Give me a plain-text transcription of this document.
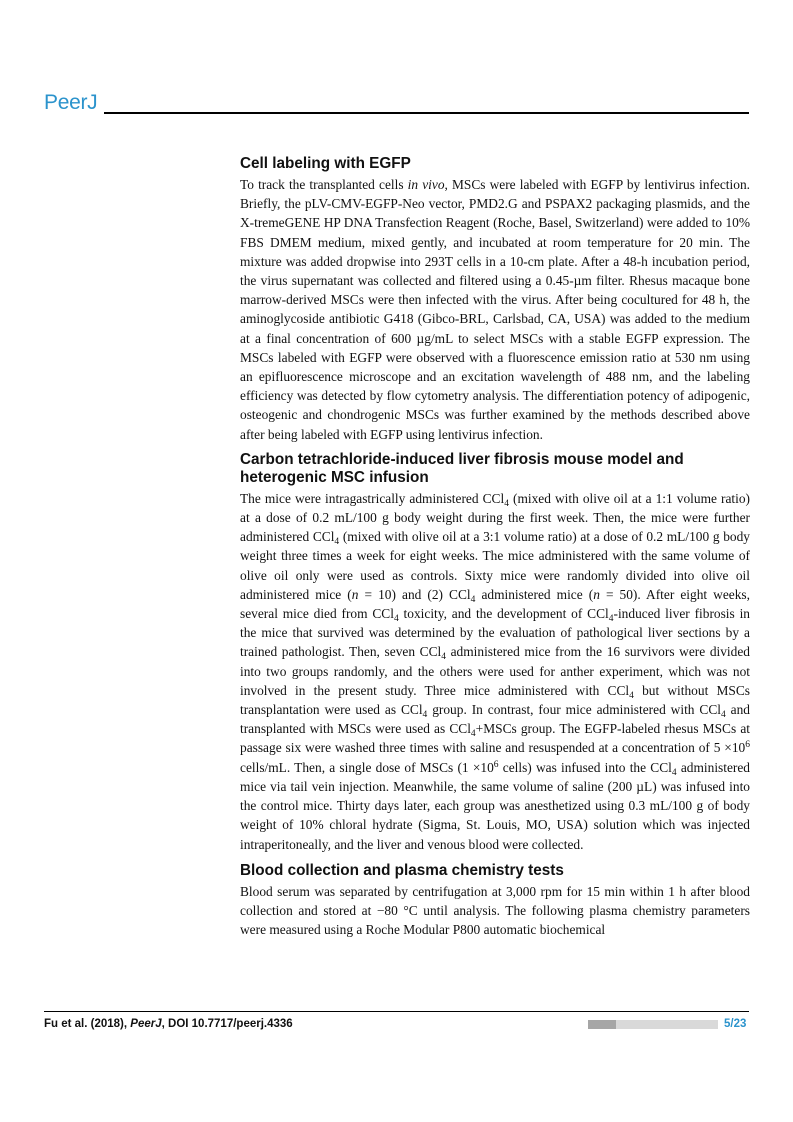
PeerJ
Cell labeling with EGFP

To track the transplanted cells in vivo, MSCs were labeled with EGFP by lentivirus infection. Briefly, the pLV-CMV-EGFP-Neo vector, PMD2.G and PSPAX2 packaging plasmids, and the X-tremeGENE HP DNA Transfection Reagent (Roche, Basel, Switzerland) were added to 10% FBS DMEM medium, mixed gently, and incubated at room temperature for 20 min. The mixture was added dropwise into 293T cells in a 10-cm plate. After a 48-h incubation period, the virus supernatant was collected and filtered using a 0.45-µm filter. Rhesus macaque bone marrow-derived MSCs were then infected with the virus. After being cocultured for 48 h, the aminoglycoside antibiotic G418 (Gibco-BRL, Carlsbad, CA, USA) was added to the medium at a final concentration of 600 µg/mL to select MSCs with a stable EGFP expression. The MSCs labeled with EGFP were observed with a fluorescence emission ratio at 530 nm using an epifluorescence microscope and an excitation wavelength of 488 nm, and the labeling efficiency was detected by flow cytometry analysis. The differentiation potency of adipogenic, osteogenic and chondrogenic MSCs was further examined by the methods described above after being labeled with EGFP using lentivirus infection.

Carbon tetrachloride-induced liver fibrosis mouse model and heterogenic MSC infusion

The mice were intragastrically administered CCl$_4$ (mixed with olive oil at a 1:1 volume ratio) at a dose of 0.2 mL/100 g body weight during the first week. Then, the mice were further administered CCl$_4$ (mixed with olive oil at a 3:1 volume ratio) at a dose of 0.2 mL/100 g body weight three times a week for eight weeks. The mice administered with the same volume of olive oil only were used as controls. Sixty mice were randomly divided into olive oil administered mice (n = 10) and (2) CCl$_4$ administered mice (n = 50). After eight weeks, several mice died from CCl$_4$ toxicity, and the development of CCl$_4$-induced liver fibrosis in the mice that survived was determined by the evaluation of pathological liver sections by a trained pathologist. Then, seven CCl$_4$ administered mice from the 16 survivors were divided into two groups randomly, and the others were used for anther experiment, which was not involved in the present study. Three mice administered with CCl$_4$ but without MSCs transplantation were used as CCl$_4$ group. In contrast, four mice administered with CCl$_4$ and transplanted with MSCs were used as CCl$_4$+MSCs group. The EGFP-labeled rhesus MSCs at passage six were washed three times with saline and resuspended at a concentration of $5 \times 10^6$ cells/mL. Then, a single dose of MSCs ($1 \times 10^6$ cells) was infused into the CCl$_4$ administered mice via tail vein injection. Meanwhile, the same volume of saline (200 µL) was infused into the control mice. Thirty days later, each group was anesthetized using 0.3 mL/100 g of body weight of 10% chloral hydrate (Sigma, St. Louis, MO, USA) solution which was injected intraperitoneally, and the liver and venous blood were collected.

Blood collection and plasma chemistry tests

Blood serum was separated by centrifugation at 3,000 rpm for 15 min within 1 h after blood collection and stored at −80 °C until analysis. The following plasma chemistry parameters were measured using a Roche Modular P800 automatic biochemical

Fu et al. (2018), PeerJ, DOI 10.7717/peerj.4336	5/23
